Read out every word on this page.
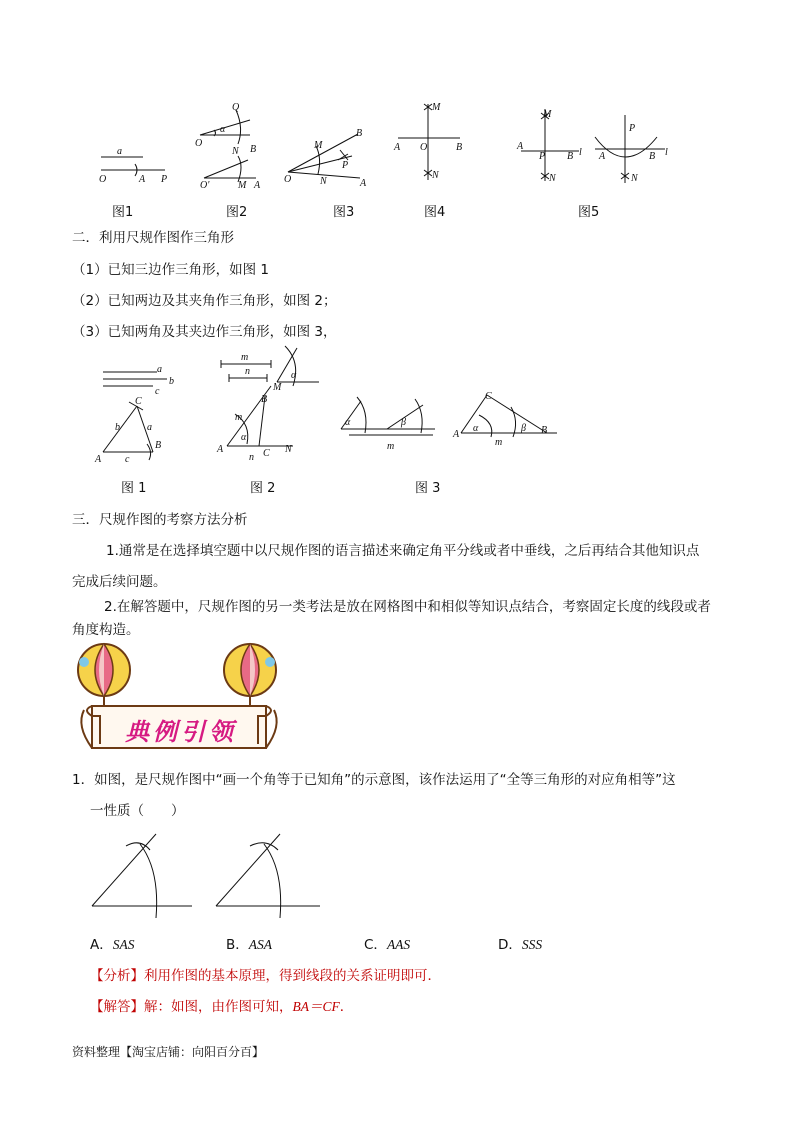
a
O	A P
Q
α
O
N B
O'	M A
B
M
P
O	N	A
M
A O	B
N
M
A
P B l
N
P
A	B l
N
图1	图2	图3	图4	图5
二．利用尺规作图作三角形
（1）已知三边作三角形，如图 1
（2）已知两边及其夹角作三角形，如图 2；
（3）已知两角及其夹边作三角形，如图 3，
a
b
c
C
b	a
B
A c
m
n	α
M
B
m
α
A
n C N
α	β
m
C
A
α
m
β B
图 1	图 2	图 3
三．尺规作图的考察方法分析
1.通常是在选择填空题中以尺规作图的语言描述来确定角平分线或者中垂线，之后再结合其他知识点
完成后续问题。
2.在解答题中，尺规作图的另一类考法是放在网格图中和相似等知识点结合，考察固定长度的线段或者
角度构造。
典例引领
1．如图，是尺规作图中“画一个角等于已知角”的示意图，该作法运用了“全等三角形的对应角相等”这
一性质（　　）
A．SAS	B．ASA	C．AAS	D．SSS
【分析】利用作图的基本原理，得到线段的关系证明即可．
【解答】解：如图，由作图可知，BA＝CF．
资料整理【淘宝店铺：向阳百分百】
